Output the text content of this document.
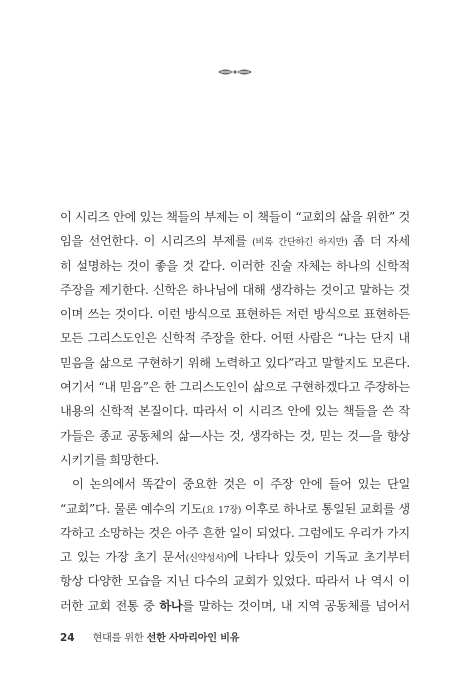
이 시리즈 안에 있는 책들의 부제는 이 책들이 “교회의 삶을 위한” 것
임을 선언한다. 이 시리즈의 부제를 (비록 간단하긴 하지만) 좀 더 자세
히 설명하는 것이 좋을 것 같다. 이러한 진술 자체는 하나의 신학적
주장을 제기한다. 신학은 하나님에 대해 생각하는 것이고 말하는 것
이며 쓰는 것이다. 이런 방식으로 표현하든 저런 방식으로 표현하든
모든 그리스도인은 신학적 주장을 한다. 어떤 사람은 “나는 단지 내
믿음을 삶으로 구현하기 위해 노력하고 있다”라고 말할지도 모른다.
여기서 “내 믿음”은 한 그리스도인이 삶으로 구현하겠다고 주장하는
내용의 신학적 본질이다. 따라서 이 시리즈 안에 있는 책들을 쓴 작
가들은 종교 공동체의 삶—사는 것, 생각하는 것, 믿는 것—을 향상
시키기를 희망한다.
이 논의에서 똑같이 중요한 것은 이 주장 안에 들어 있는 단일
“교회”다. 물론 예수의 기도(요 17장) 이후로 하나로 통일된 교회를 생
각하고 소망하는 것은 아주 흔한 일이 되었다. 그럼에도 우리가 가지
고 있는 가장 초기 문서(신약성서)에 나타나 있듯이 기독교 초기부터
항상 다양한 모습을 지닌 다수의 교회가 있었다. 따라서 나 역시 이
러한 교회 전통 중 하나를 말하는 것이며, 내 지역 공동체를 넘어서
24 현대를 위한 선한 사마리아인 비유
